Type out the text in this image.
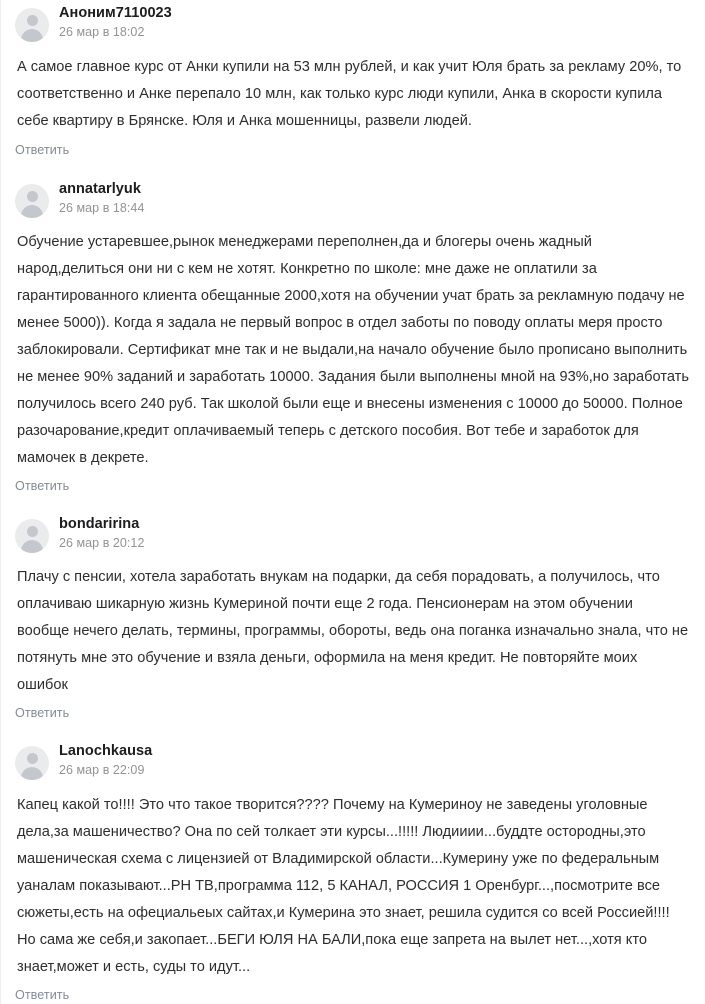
Аноним7110023
26 мар в 18:02
А самое главное курс от Анки купили на 53 млн рублей, и как учит Юля брать за рекламу 20%, то соответственно и Анке перепало 10 млн, как только курс люди купили, Анка в скорости купила себе квартиру в Брянске. Юля и Анка мошенницы, развели людей.
Ответить
annatarlyuk
26 мар в 18:44
Обучение устаревшее,рынок менеджерами переполнен,да и блогеры очень жадный народ,делиться они ни с кем не хотят. Конкретно по школе: мне даже не оплатили за гарантированного клиента обещанные 2000,хотя на обучении учат брать за рекламную подачу не менее 5000)). Когда я задала не первый вопрос в отдел заботы по поводу оплаты меря просто заблокировали. Сертификат мне так и не выдали,на начало обучение было прописано выполнить не менее 90% заданий и заработать 10000. Задания были выполнены мной на 93%,но заработать получилось всего 240 руб. Так школой были еще и внесены изменения с 10000 до 50000. Полное разочарование,кредит оплачиваемый теперь с детского пособия. Вот тебе и заработок для мамочек в декрете.
Ответить
bondaririna
26 мар в 20:12
Плачу с пенсии, хотела заработать внукам на подарки, да себя порадовать, а получилось, что оплачиваю шикарную жизнь Кумериной почти еще 2 года. Пенсионерам на этом обучении вообще нечего делать, термины, программы, обороты, ведь она поганка изначально знала, что не потянуть мне это обучение и взяла деньги, оформила на меня кредит. Не повторяйте моих ошибок
Ответить
Lanochkausa
26 мар в 22:09
Капец какой то!!!! Это что такое творится???? Почему на Кумериноу не заведены уголовные дела,за машеничество? Она по сей толкает эти курсы...!!!!! Людииии...буддте остородны,это машеническая схема с лицензией от Владимирской области...Кумерину уже по федеральным уаналам показывают...РН ТВ,программа 112, 5 КАНАЛ, РОССИЯ 1 Оренбург...,посмотрите все сюжеты,есть на офециальеых сайтах,и Кумерина это знает, решила судится со всей Россией!!!! Но сама же себя,и закопает...БЕГИ ЮЛЯ НА БАЛИ,пока еще запрета на вылет нет...,хотя кто знает,может и есть, суды то идут...
Ответить
